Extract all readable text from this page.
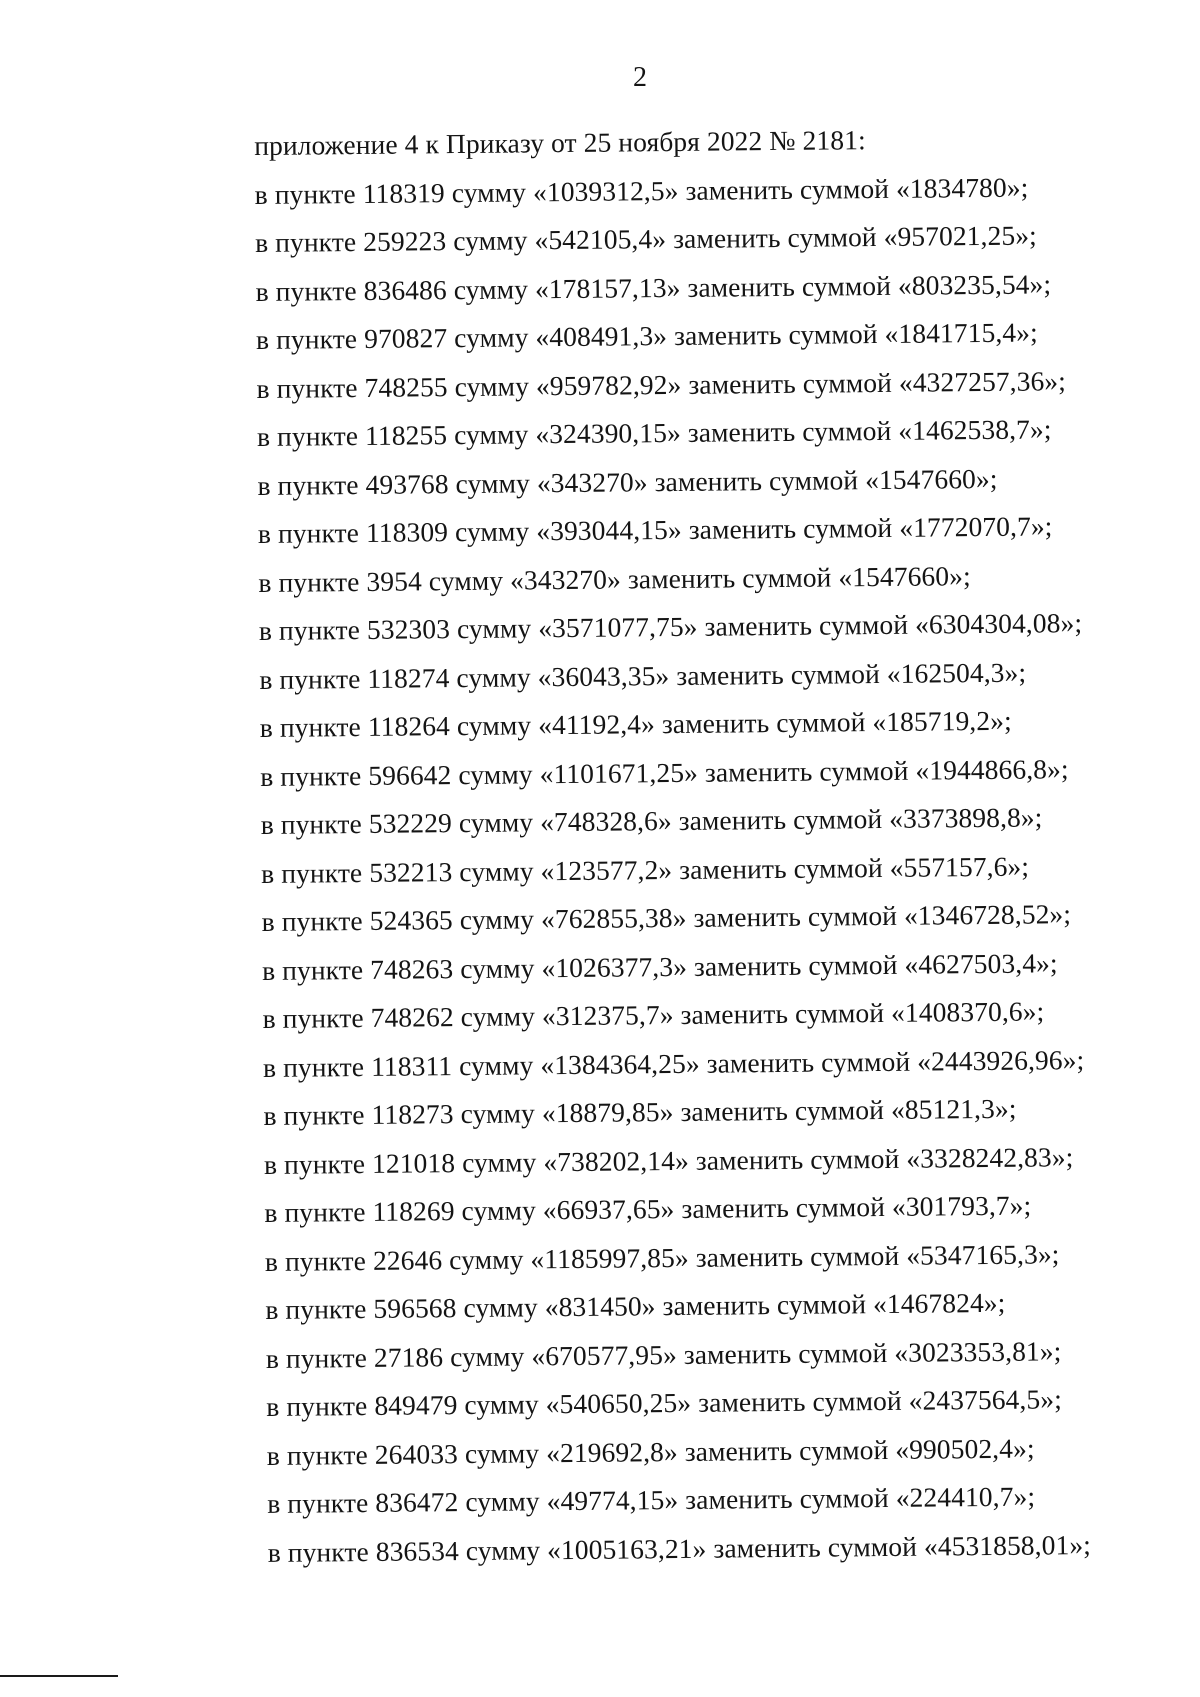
2
приложение 4 к Приказу от 25 ноября 2022 № 2181:
в пункте 118319 сумму «1039312,5» заменить суммой «1834780»;
в пункте 259223 сумму «542105,4» заменить суммой «957021,25»;
в пункте 836486 сумму «178157,13» заменить суммой «803235,54»;
в пункте 970827 сумму «408491,3» заменить суммой «1841715,4»;
в пункте 748255 сумму «959782,92» заменить суммой «4327257,36»;
в пункте 118255 сумму «324390,15» заменить суммой «1462538,7»;
в пункте 493768 сумму «343270» заменить суммой «1547660»;
в пункте 118309 сумму «393044,15» заменить суммой «1772070,7»;
в пункте 3954 сумму «343270» заменить суммой «1547660»;
в пункте 532303 сумму «3571077,75» заменить суммой «6304304,08»;
в пункте 118274 сумму «36043,35» заменить суммой «162504,3»;
в пункте 118264 сумму «41192,4» заменить суммой «185719,2»;
в пункте 596642 сумму «1101671,25» заменить суммой «1944866,8»;
в пункте 532229 сумму «748328,6» заменить суммой «3373898,8»;
в пункте 532213 сумму «123577,2» заменить суммой «557157,6»;
в пункте 524365 сумму «762855,38» заменить суммой «1346728,52»;
в пункте 748263 сумму «1026377,3» заменить суммой «4627503,4»;
в пункте 748262 сумму «312375,7» заменить суммой «1408370,6»;
в пункте 118311 сумму «1384364,25» заменить суммой «2443926,96»;
в пункте 118273 сумму «18879,85» заменить суммой «85121,3»;
в пункте 121018 сумму «738202,14» заменить суммой «3328242,83»;
в пункте 118269 сумму «66937,65» заменить суммой «301793,7»;
в пункте 22646 сумму «1185997,85» заменить суммой «5347165,3»;
в пункте 596568 сумму «831450» заменить суммой «1467824»;
в пункте 27186 сумму «670577,95» заменить суммой «3023353,81»;
в пункте 849479 сумму «540650,25» заменить суммой «2437564,5»;
в пункте 264033 сумму «219692,8» заменить суммой «990502,4»;
в пункте 836472 сумму «49774,15» заменить суммой «224410,7»;
в пункте 836534 сумму «1005163,21» заменить суммой «4531858,01»;
